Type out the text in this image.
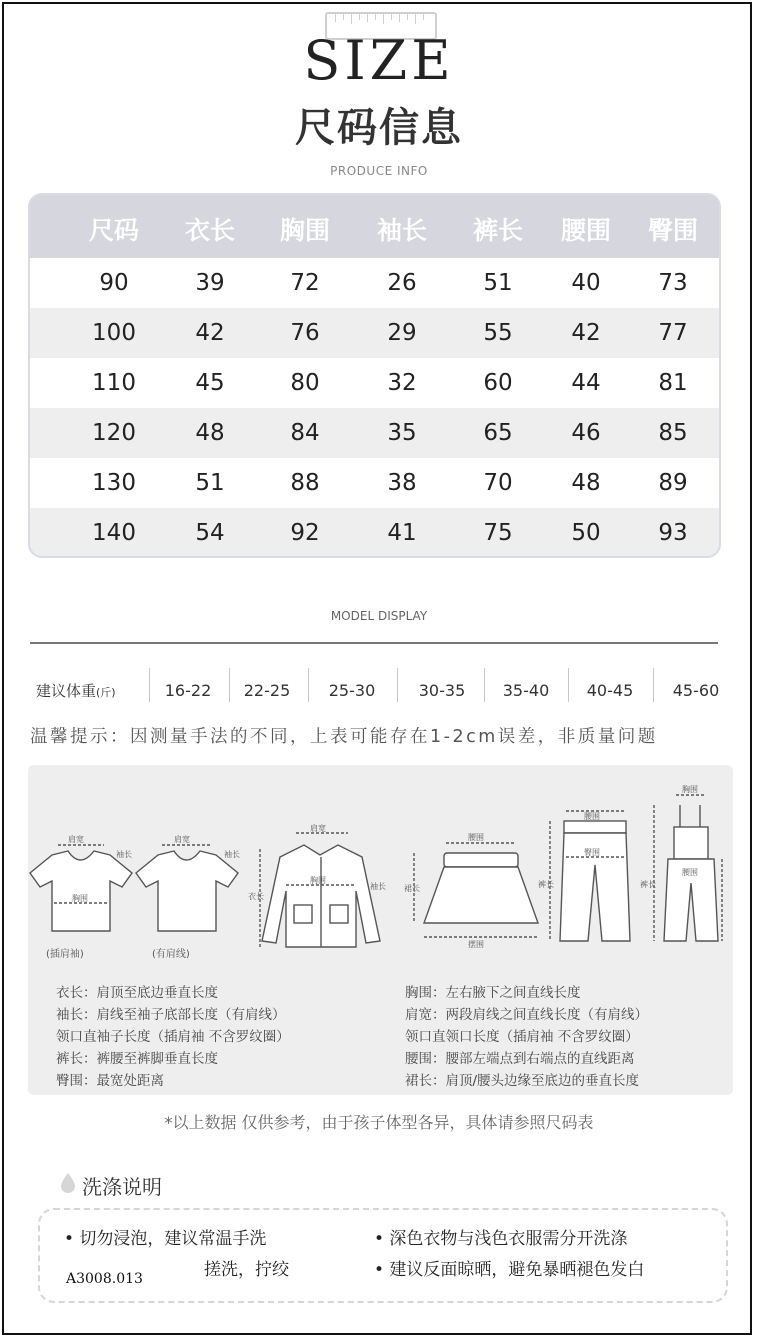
SIZE
尺码信息
PRODUCE INFO
尺码	衣长	胸围	袖长	裤长	腰围	臀围
90	39	72	26	51	40	73
100	42	76	29	55	42	77
110	45	80	32	60	44	81
120	48	84	35	65	46	85
130	51	88	38	70	48	89
140	54	92	41	75	50	93
MODEL DISPLAY
建议体重(斤)	16-22	22-25	25-30	30-35	35-40	40-45	45-60
温馨提示：因测量手法的不同，上表可能存在1-2cm误差，非质量问题
肩宽
胸围
袖长
(插肩袖)
肩宽
袖长
(有肩线)
肩宽
衣长
胸围
袖长
腰围
摆围
裙长
腰围
臀围
裤长
胸围
裤长
腰围
衣长：肩顶至底边垂直长度
袖长：肩线至袖子底部长度（有肩线）
领口直袖子长度（插肩袖 不含罗纹圈）
裤长：裤腰至裤脚垂直长度
臀围：最宽处距离
胸围：左右腋下之间直线长度
肩宽：两段肩线之间直线长度（有肩线）
领口直领口长度（插肩袖 不含罗纹圈）
腰围：腰部左端点到右端点的直线距离
裙长：肩顶/腰头边缘至底边的垂直长度
*以上数据 仅供参考，由于孩子体型各异，具体请参照尺码表
洗涤说明
• 切勿浸泡，建议常温手洗
搓洗，拧绞
• 深色衣物与浅色衣服需分开洗涤
• 建议反面晾晒，避免暴晒褪色发白
A3008.013
